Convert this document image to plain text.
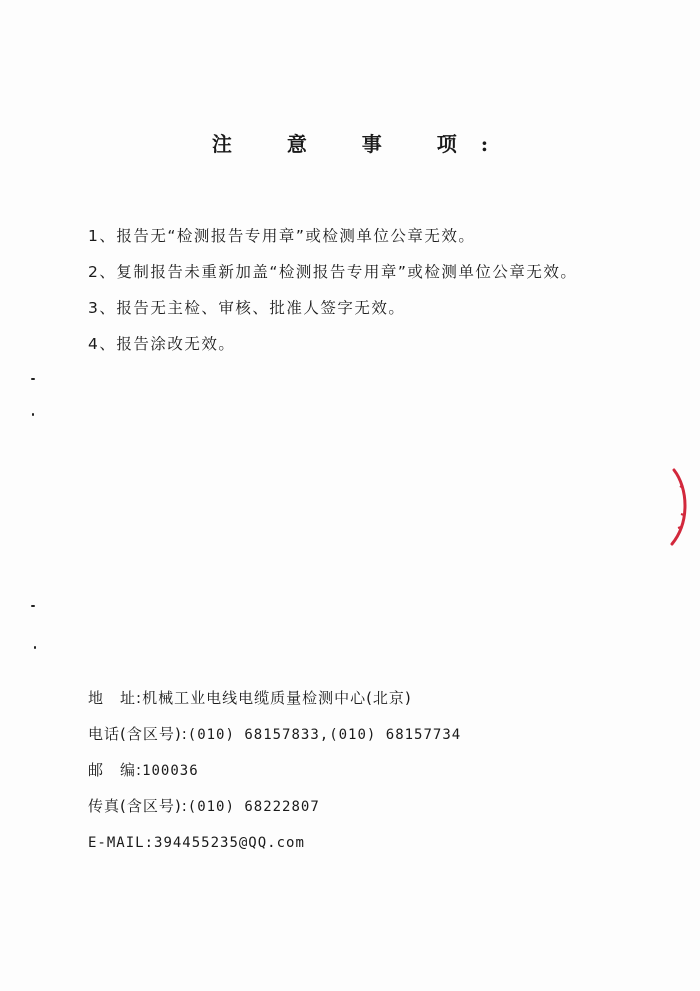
注 意 事 项:
1、报告无“检测报告专用章”或检测单位公章无效。
2、复制报告未重新加盖“检测报告专用章”或检测单位公章无效。
3、报告无主检、审核、批准人签字无效。
4、报告涂改无效。
地　址:机械工业电线电缆质量检测中心(北京)
电话(含区号):(010) 68157833,(010) 68157734
邮　编:100036
传真(含区号):(010) 68222807
E-MAIL:394455235@QQ.com
